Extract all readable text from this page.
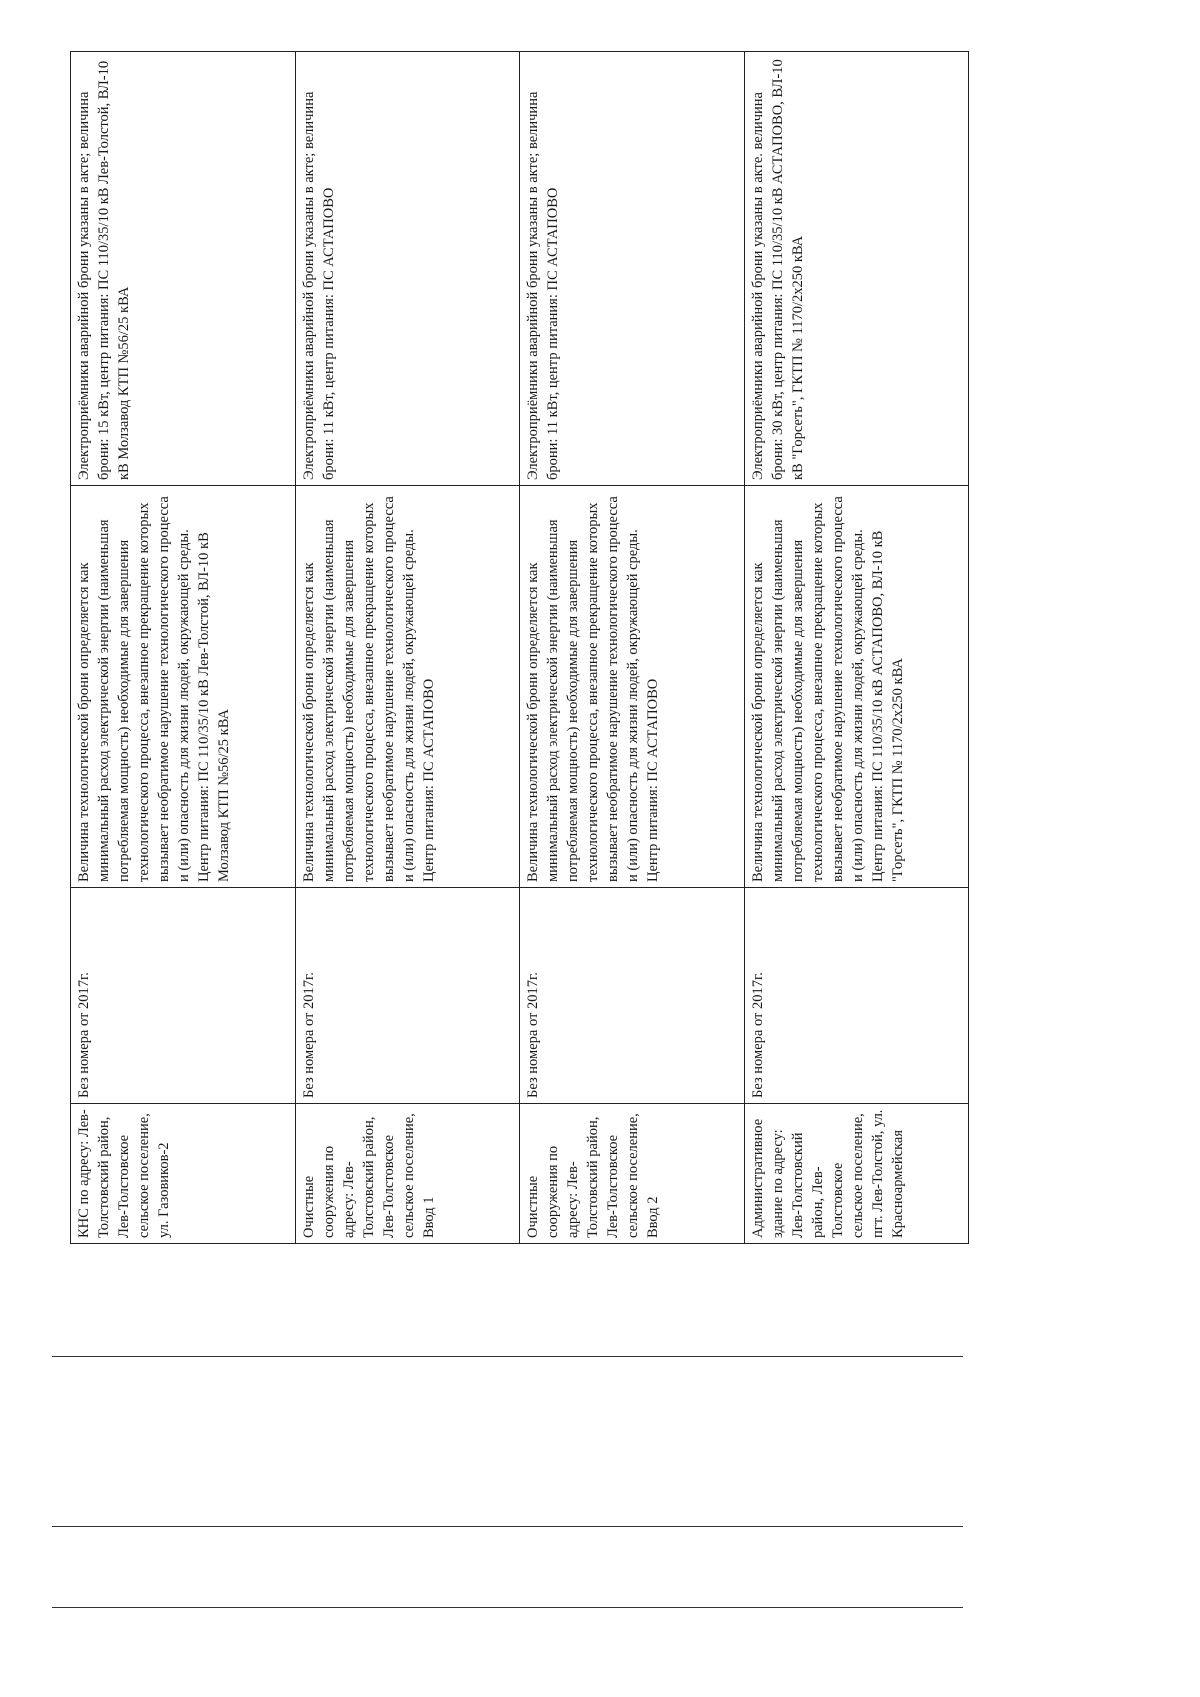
КНС по адресу: Лев-Толстовский район, Лев-Толстовское сельское поселение, ул. Газовиков-2	Без номера от 2017г.	Величина технологической брони определяется как минимальный расход электрической энергии (наименьшая потребляемая мощность) необходимые для завершения технологического процесса, внезапное прекращение которых вызывает необратимое нарушение технологического процесса и (или) опасность для жизни людей, окружающей среды. Центр питания: ПС 110/35/10 кВ Лев-Толстой, ВЛ-10 кВ Молзавод КТП №56/25 кВА	Электроприёмники аварийной брони указаны в акте; величина брони: 15 кВт, центр питания: ПС 110/35/10 кВ Лев-Толстой, ВЛ-10 кВ Молзавод КТП №56/25 кВА
Очистные сооружения по адресу: Лев-Толстовский район, Лев-Толстовское сельское поселение, Ввод 1	Без номера от 2017г.	Величина технологической брони определяется как минимальный расход электрической энергии (наименьшая потребляемая мощность) необходимые для завершения технологического процесса, внезапное прекращение которых вызывает необратимое нарушение технологического процесса и (или) опасность для жизни людей, окружающей среды. Центр питания: ПС АСТАПОВО	Электроприёмники аварийной брони указаны в акте; величина брони: 11 кВт, центр питания: ПС АСТАПОВО
Очистные сооружения по адресу: Лев-Толстовский район, Лев-Толстовское сельское поселение, Ввод 2	Без номера от 2017г.	Величина технологической брони определяется как минимальный расход электрической энергии (наименьшая потребляемая мощность) необходимые для завершения технологического процесса, внезапное прекращение которых вызывает необратимое нарушение технологического процесса и (или) опасность для жизни людей, окружающей среды. Центр питания: ПС АСТАПОВО	Электроприёмники аварийной брони указаны в акте; величина брони: 11 кВт, центр питания: ПС АСТАПОВО
Административное здание по адресу: Лев-Толстовский район, Лев-Толстовское сельское поселение, пгт. Лев-Толстой, ул. Красноармейская	Без номера от 2017г.	Величина технологической брони определяется как минимальный расход электрической энергии (наименьшая потребляемая мощность) необходимые для завершения технологического процесса, внезапное прекращение которых вызывает необратимое нарушение технологического процесса и (или) опасность для жизни людей, окружающей среды. Центр питания: ПС 110/35/10 кВ АСТАПОВО, ВЛ-10 кВ "Горсеть", ГКТП № 1170/2x250 кВА	Электроприёмники аварийной брони указаны в акте. величина брони: 30 кВт, центр питания: ПС 110/35/10 кВ АСТАПОВО, ВЛ-10 кВ "Горсеть", ГКТП № 1170/2x250 кВА
